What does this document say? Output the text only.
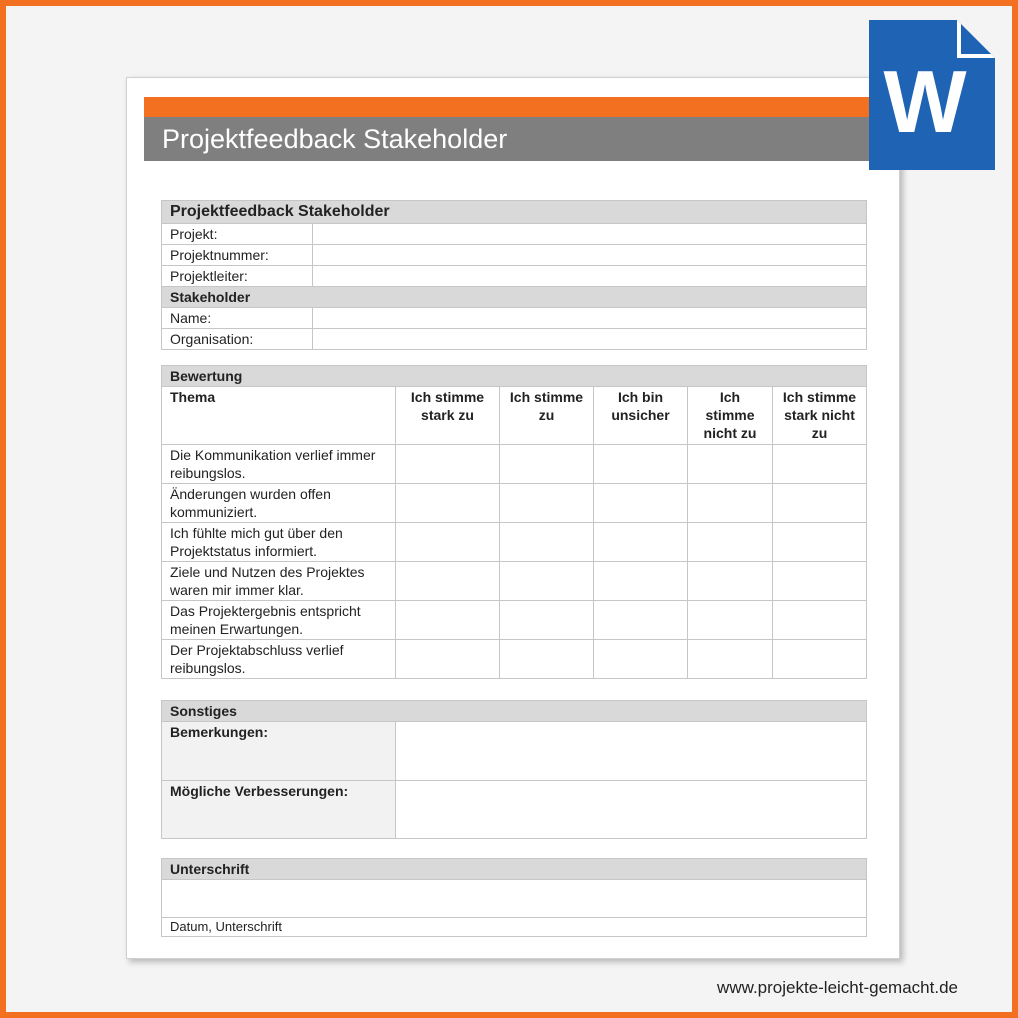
Projektfeedback Stakeholder	W
Projektfeedback Stakeholder	
Projekt:	
Projektnummer:	
Projektleiter:	
Stakeholder	
Name:	
Organisation:	
Bewertung					
Thema	Ich stimme stark zu	Ich stimme zu	Ich bin unsicher	Ich stimme nicht zu	Ich stimme stark nicht zu
Die Kommunikation verlief immer reibungslos.					
Änderungen wurden offen kommuniziert.					
Ich fühlte mich gut über den Projektstatus informiert.					
Ziele und Nutzen des Projektes waren mir immer klar.					
Das Projektergebnis entspricht meinen Erwartungen.					
Der Projektabschluss verlief reibungslos.					
Sonstiges	
Bemerkungen:	
Mögliche Verbesserungen:	
Unterschrift

Datum, Unterschrift
www.projekte-leicht-gemacht.de
